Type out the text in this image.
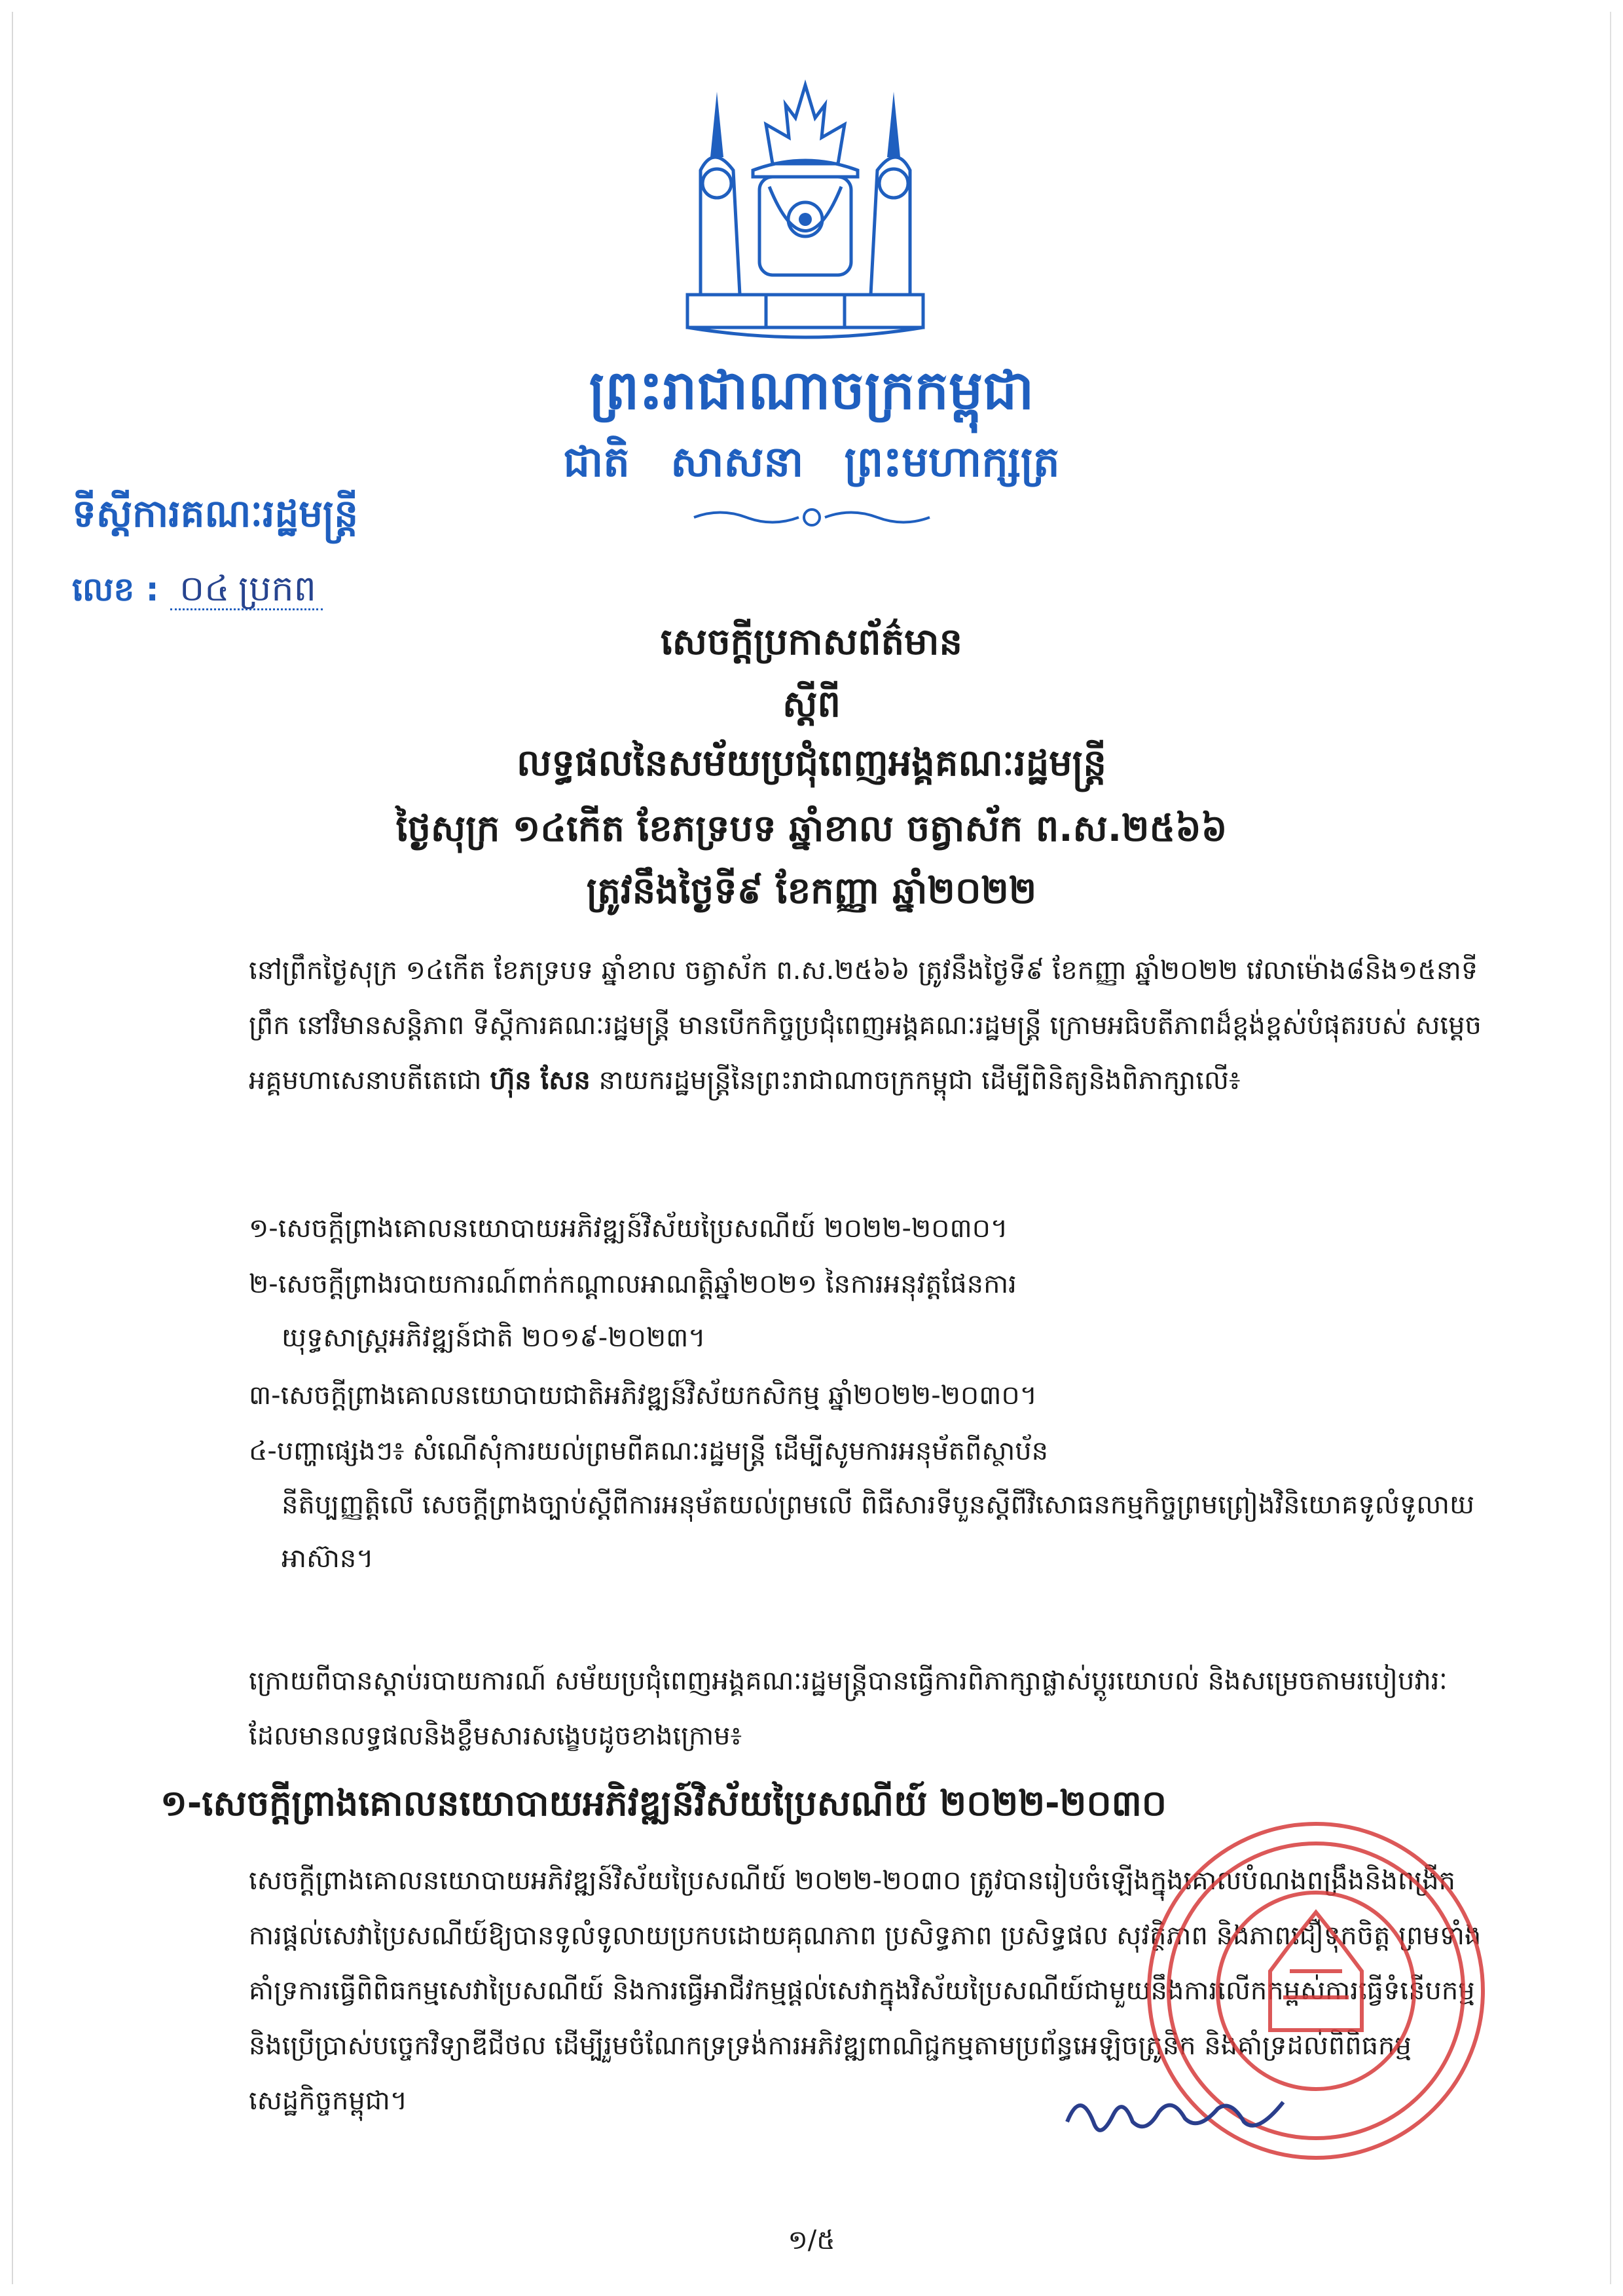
ព្រះរាជាណាចក្រកម្ពុជា
ជាតិ សាសនា ព្រះមហាក្សត្រ
ទីស្តីការគណៈរដ្ឋមន្ត្រី
លេខ : ០៤ ប្រកព
សេចក្តីប្រកាសព័ត៌មាន
ស្តីពី
លទ្ធផលនៃសម័យប្រជុំពេញអង្គគណៈរដ្ឋមន្ត្រី
ថ្ងៃសុក្រ ១៤កើត ខែភទ្របទ ឆ្នាំខាល ចត្វាស័ក ព.ស.២៥៦៦
ត្រូវនឹងថ្ងៃទី៩ ខែកញ្ញា ឆ្នាំ២០២២
នៅព្រឹកថ្ងៃសុក្រ ១៤កើត ខែភទ្របទ ឆ្នាំខាល ចត្វាស័ក ព.ស.២៥៦៦ ត្រូវនឹងថ្ងៃទី៩ ខែកញ្ញា ឆ្នាំ២០២២ វេលាម៉ោង៨និង១៥នាទីព្រឹក នៅវិមានសន្តិភាព ទីស្តីការគណៈរដ្ឋមន្ត្រី មានបើកកិច្ចប្រជុំពេញអង្គគណៈរដ្ឋមន្ត្រី ក្រោមអធិបតីភាពដ៏ខ្ពង់ខ្ពស់បំផុតរបស់ សម្តេចអគ្គមហាសេនាបតីតេជោ ហ៊ុន សែន នាយករដ្ឋមន្ត្រីនៃព្រះរាជាណាចក្រកម្ពុជា ដើម្បីពិនិត្យនិងពិភាក្សាលើ៖
១-សេចក្តីព្រាងគោលនយោបាយអភិវឌ្ឍន៍វិស័យប្រៃសណីយ៍ ២០២២-២០៣០។
២-សេចក្តីព្រាងរបាយការណ៍ពាក់កណ្តាលអាណត្តិឆ្នាំ២០២១ នៃការអនុវត្តផែនការ
យុទ្ធសាស្ត្រអភិវឌ្ឍន៍ជាតិ ២០១៩-២០២៣។
៣-សេចក្តីព្រាងគោលនយោបាយជាតិអភិវឌ្ឍន៍វិស័យកសិកម្ម ឆ្នាំ២០២២-២០៣០។
៤-បញ្ហាផ្សេងៗ៖ សំណើសុំការយល់ព្រមពីគណៈរដ្ឋមន្ត្រី ដើម្បីសូមការអនុម័តពីស្ថាប័ន
នីតិប្បញ្ញត្តិលើ សេចក្តីព្រាងច្បាប់ស្តីពីការអនុម័តយល់ព្រមលើ ពិធីសារទីបួនស្តីពីវិសោធនកម្មកិច្ចព្រមព្រៀងវិនិយោគទូលំទូលាយអាស៊ាន។
ក្រោយពីបានស្តាប់របាយការណ៍ សម័យប្រជុំពេញអង្គគណៈរដ្ឋមន្ត្រីបានធ្វើការពិភាក្សាផ្លាស់ប្តូរយោបល់ និងសម្រេចតាមរបៀបវារៈ ដែលមានលទ្ធផលនិងខ្លឹមសារសង្ខេបដូចខាងក្រោម៖
១-សេចក្តីព្រាងគោលនយោបាយអភិវឌ្ឍន៍វិស័យប្រៃសណីយ៍ ២០២២-២០៣០
សេចក្តីព្រាងគោលនយោបាយអភិវឌ្ឍន៍វិស័យប្រៃសណីយ៍ ២០២២-២០៣០ ត្រូវបានរៀបចំឡើងក្នុងគោលបំណងពង្រឹងនិងពង្រីកការផ្តល់សេវាប្រៃសណីយ៍ឱ្យបានទូលំទូលាយប្រកបដោយគុណភាព ប្រសិទ្ធភាព ប្រសិទ្ធផល សុវត្ថិភាព និងភាពជឿទុកចិត្ត ព្រមទាំងគាំទ្រការធ្វើពិពិធកម្មសេវាប្រៃសណីយ៍ និងការធ្វើអាជីវកម្មផ្តល់សេវាក្នុងវិស័យប្រៃសណីយ៍ជាមួយនឹងការលើកកម្ពស់ការធ្វើទំនើបកម្មនិងប្រើប្រាស់បច្ចេកវិទ្យាឌីជីថល ដើម្បីរួមចំណែកទ្រទ្រង់ការអភិវឌ្ឍពាណិជ្ជកម្មតាមប្រព័ន្ធអេឡិចត្រូនិក និងគាំទ្រដល់ពិពិធកម្មសេដ្ឋកិច្ចកម្ពុជា។
១/៥
